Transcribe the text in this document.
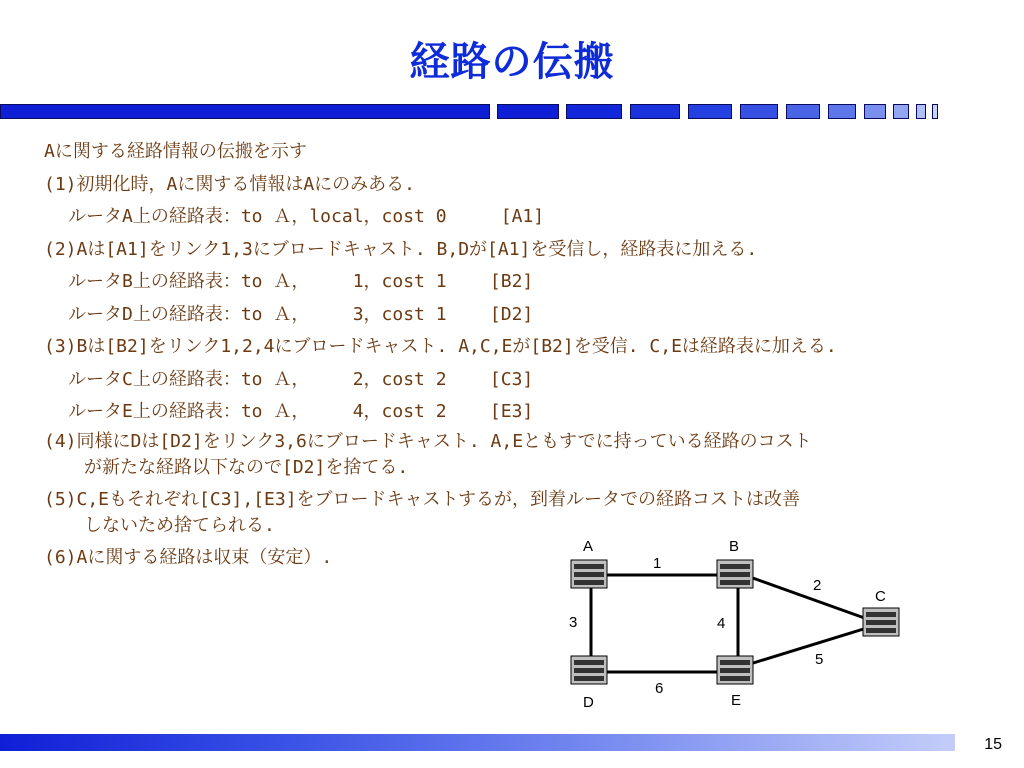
経路の伝搬
Aに関する経路情報の伝搬を示す
(1)初期化時，Aに関する情報はAにのみある.
ルータA上の経路表：to Ａ，local，cost 0     [A1]
(2)Aは[A1]をリンク1,3にブロードキャスト. B,Dが[A1]を受信し，経路表に加える.
ルータB上の経路表：to Ａ，    1，cost 1    [B2]
ルータD上の経路表：to Ａ，    3，cost 1    [D2]
(3)Bは[B2]をリンク1,2,4にブロードキャスト. A,C,Eが[B2]を受信. C,Eは経路表に加える.
ルータC上の経路表：to Ａ，    2，cost 2    [C3]
ルータE上の経路表：to Ａ，    4，cost 2    [E3]
(4)同様にDは[D2]をリンク3,6にブロードキャスト. A,Eともすでに持っている経路のコスト
が新たな経路以下なので[D2]を捨てる.
(5)C,Eもそれぞれ[C3],[E3]をブロードキャストするが，到着ルータでの経路コストは改善
しないため捨てられる.
(6)Aに関する経路は収束（安定）.	A	B
C
D	E
1
2
3	4
5
6
15
